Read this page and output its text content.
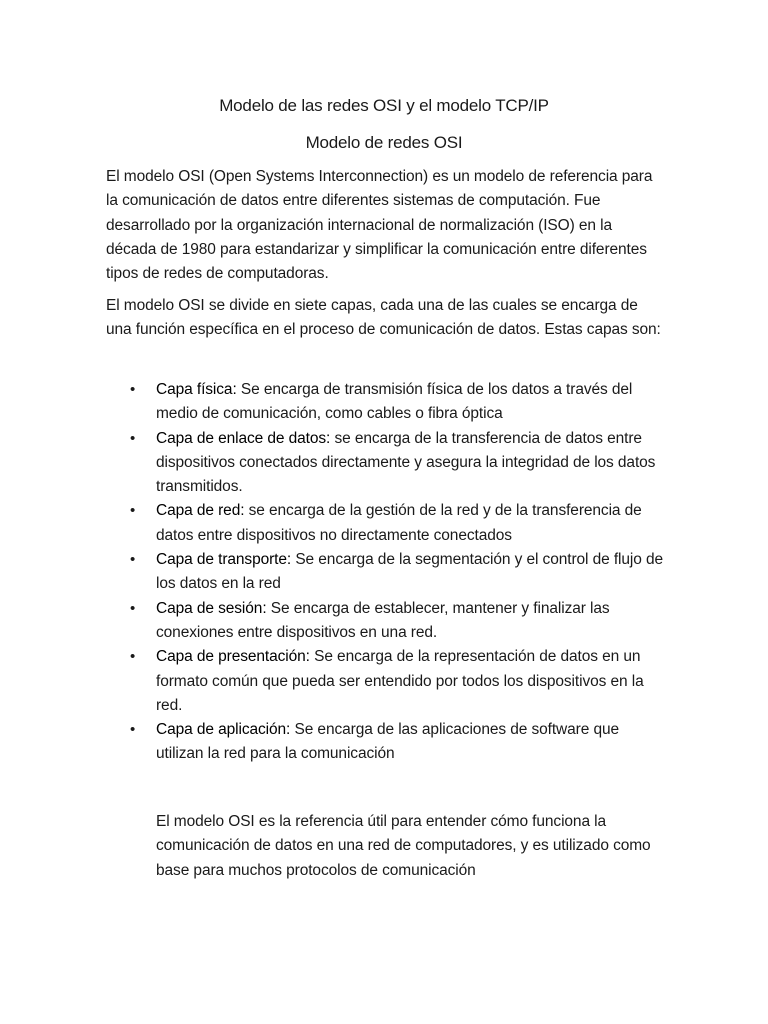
Modelo de las redes OSI y el modelo TCP/IP
Modelo de redes OSI
El modelo OSI (Open Systems Interconnection) es un modelo de referencia para la comunicación de datos entre diferentes sistemas de computación. Fue desarrollado por la organización internacional de normalización (ISO) en la década de 1980 para estandarizar y simplificar la comunicación entre diferentes tipos de redes de computadoras.
El modelo OSI se divide en siete capas, cada una de las cuales se encarga de una función específica en el proceso de comunicación de datos. Estas capas son:
• Capa física: Se encarga de transmisión física de los datos a través del medio de comunicación, como cables o fibra óptica
• Capa de enlace de datos: se encarga de la transferencia de datos entre dispositivos conectados directamente y asegura la integridad de los datos transmitidos.
• Capa de red: se encarga de la gestión de la red y de la transferencia de datos entre dispositivos no directamente conectados
• Capa de transporte: Se encarga de la segmentación y el control de flujo de los datos en la red
• Capa de sesión: Se encarga de establecer, mantener y finalizar las conexiones entre dispositivos en una red.
• Capa de presentación: Se encarga de la representación de datos en un formato común que pueda ser entendido por todos los dispositivos en la red.
• Capa de aplicación: Se encarga de las aplicaciones de software que utilizan la red para la comunicación
El modelo OSI es la referencia útil para entender cómo funciona la comunicación de datos en una red de computadores, y es utilizado como base para muchos protocolos de comunicación
